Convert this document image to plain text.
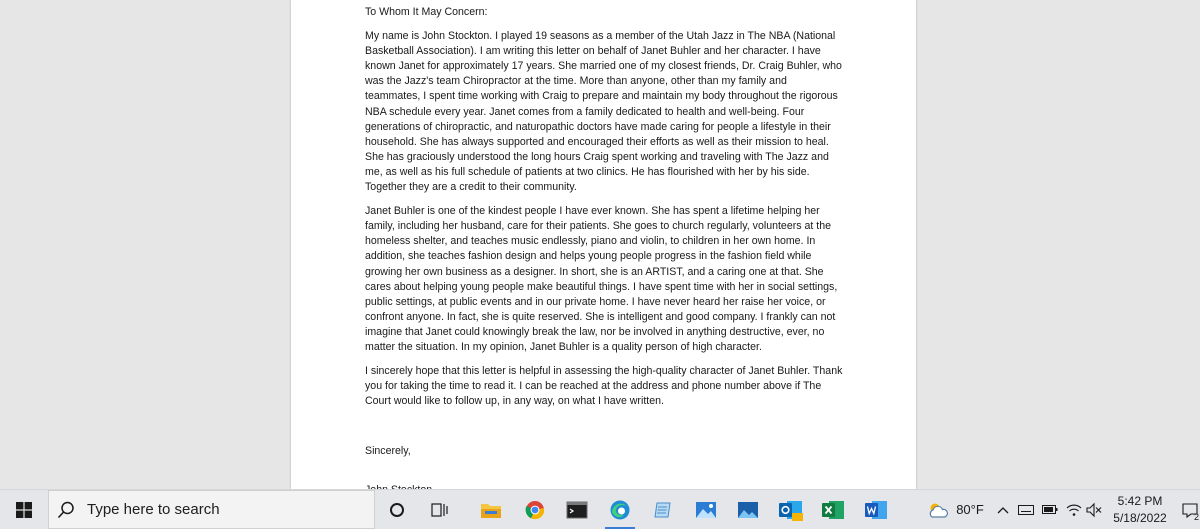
To Whom It May Concern:

My name is John Stockton. I played 19 seasons as a member of the Utah Jazz in The NBA (National Basketball Association). I am writing this letter on behalf of Janet Buhler and her character. I have known Janet for approximately 17 years. She married one of my closest friends, Dr. Craig Buhler, who was the Jazz's team Chiropractor at the time. More than anyone, other than my family and teammates, I spent time working with Craig to prepare and maintain my body throughout the rigorous NBA schedule every year. Janet comes from a family dedicated to health and well-being. Four generations of chiropractic, and naturopathic doctors have made caring for people a lifestyle in their household. She has always supported and encouraged their efforts as well as their mission to heal. She has graciously understood the long hours Craig spent working and traveling with The Jazz and me, as well as his full schedule of patients at two clinics. He has flourished with her by his side. Together they are a credit to their community.

Janet Buhler is one of the kindest people I have ever known. She has spent a lifetime helping her family, including her husband, care for their patients. She goes to church regularly, volunteers at the homeless shelter, and teaches music endlessly, piano and violin, to children in her own home. In addition, she teaches fashion design and helps young people progress in the fashion field while growing her own business as a designer. In short, she is an ARTIST, and a caring one at that. She cares about helping young people make beautiful things. I have spent time with her in social settings, public settings, at public events and in our private home. I have never heard her raise her voice, or confront anyone. In fact, she is quite reserved. She is intelligent and good company. I frankly can not imagine that Janet could knowingly break the law, nor be involved in anything destructive, ever, no matter the situation. In my opinion, Janet Buhler is a quality person of high character.

I sincerely hope that this letter is helpful in assessing the high-quality character of Janet Buhler. Thank you for taking the time to read it. I can be reached at the address and phone number above if The Court would like to follow up, in any way, on what I have written.

Sincerely,

Type here to search	80°F
5:42 PM
5/18/2022	2
